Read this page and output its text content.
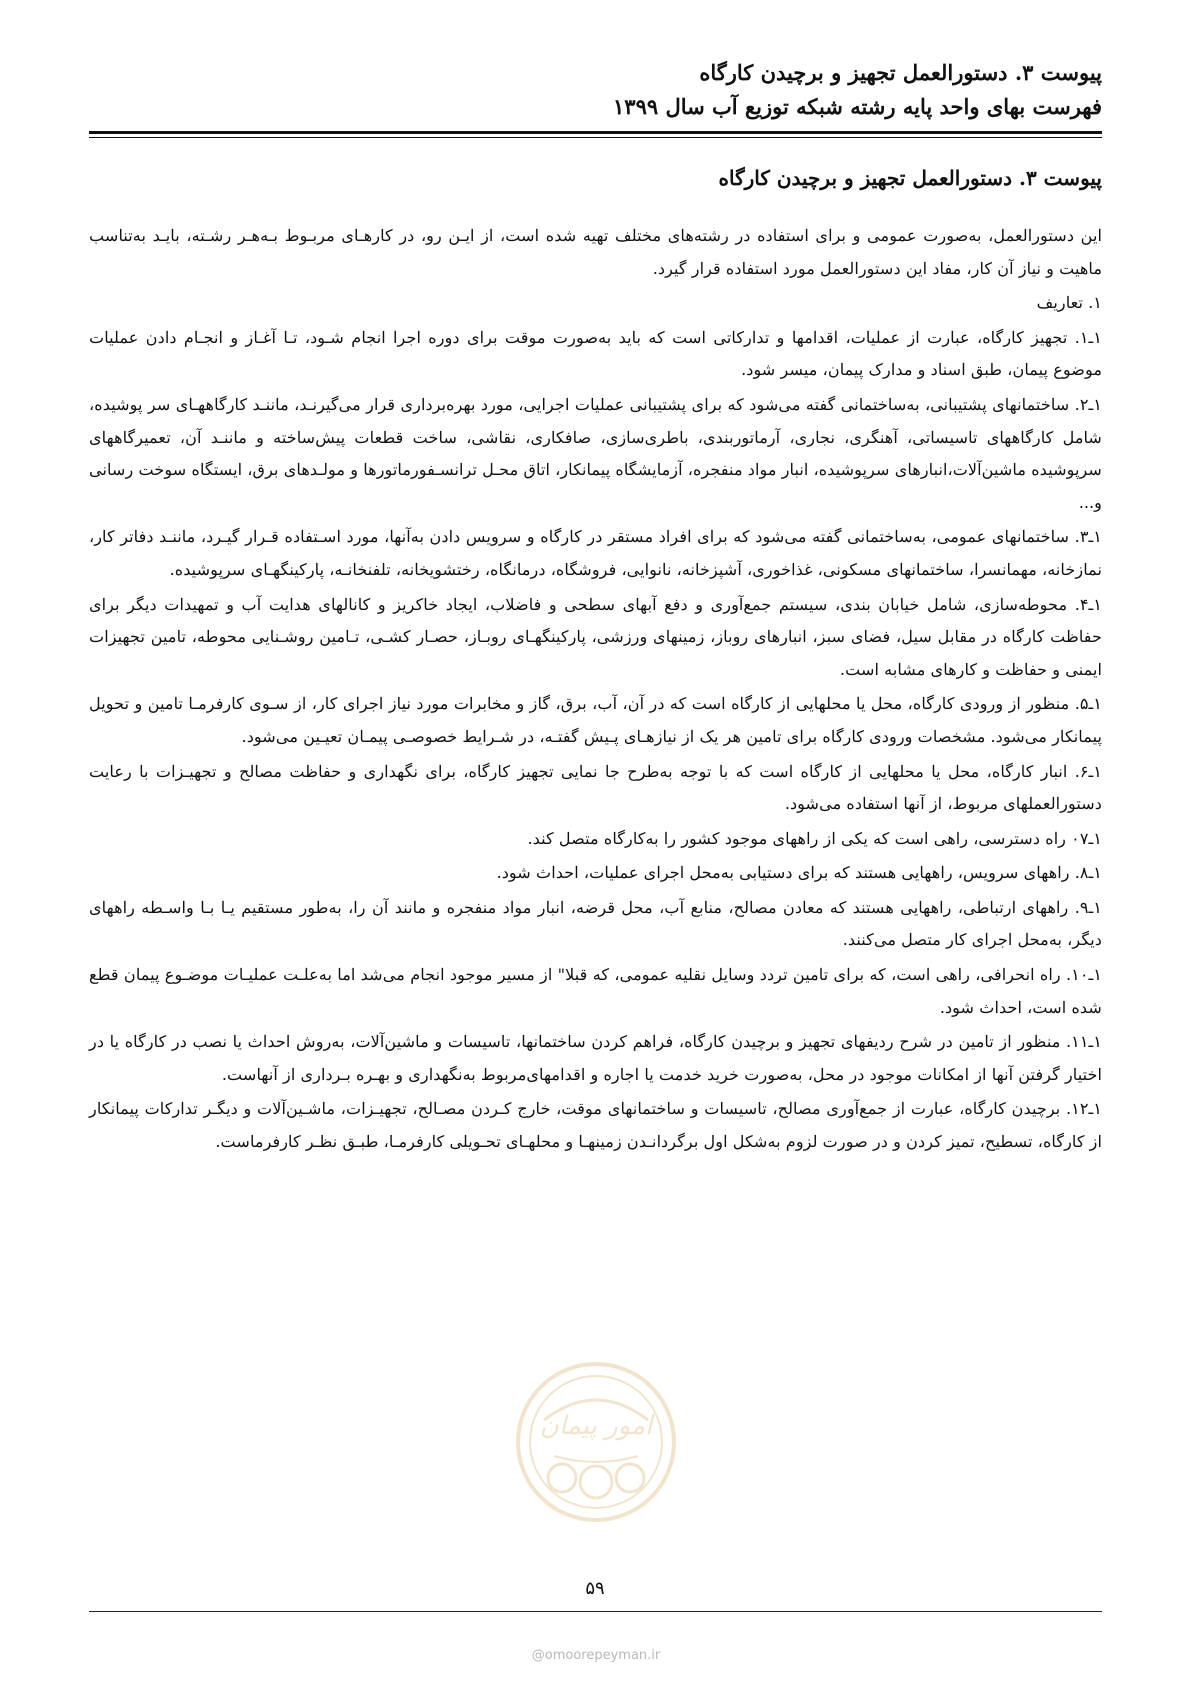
پیوست ۳. دستورالعمل تجهیز و برچیدن کارگاه
فهرست بهای واحد پایه رشته شبکه توزیع آب سال ۱۳۹۹
پیوست ۳. دستورالعمل تجهیز و برچیدن کارگاه

این دستورالعمل، به‌صورت عمومی و برای استفاده در رشته‌های مختلف تهیه شده است، از ایـن رو، در کارهـای مربـوط بـه‌هـر رشـته، بایـد به‌تناسب ماهیت و نیاز آن کار، مفاد این دستورالعمل مورد استفاده قرار گیرد.

۱. تعاریف

۱ـ۱. تجهیز کارگاه، عبارت از عملیات، اقدامها و تدارکاتی است که باید به‌صورت موقت برای دوره اجرا انجام شـود، تـا آغـاز و انجـام دادن عملیات موضوع پیمان، طبق اسناد و مدارک پیمان، میسر شود.

۱ـ۲. ساختمانهای پشتیبانی، به‌ساختمانی گفته می‌شود که برای پشتیبانی عملیات اجرایی، مورد بهره‌برداری قرار می‌گیرنـد، ماننـد کارگاههـای سر پوشیده، شامل کارگاههای تاسیساتی، آهنگری، نجاری، آرماتوربندی، باطری‌سازی، صافکاری، نقاشی، ساخت قطعات پیش‌ساخته و ماننـد آن، تعمیرگاههای سرپوشیده ماشین‌آلات،انبارهای سرپوشیده، انبار مواد منفجره، آزمایشگاه پیمانکار، اتاق محـل ترانسـفورماتورها و مولـدهای برق، ایستگاه سوخت رسانی و...

۱ـ۳. ساختمانهای عمومی، به‌ساختمانی گفته می‌شود که برای افراد مستقر در کارگاه و سرویس دادن به‌آنها، مورد اسـتفاده قـرار گیـرد، ماننـد دفاتر کار، نمازخانه، مهمانسرا، ساختمانهای مسکونی، غذاخوری، آشپزخانه، نانوایی، فروشگاه، درمانگاه، رختشویخانه، تلفنخانـه، پارکینگهـای سرپوشیده.

۱ـ۴. محوطه‌سازی، شامل خیابان بندی، سیستم جمع‌آوری و دفع آبهای سطحی و فاضلاب، ایجاد خاکریز و کانالهای هدایت آب و تمهیدات دیگر برای حفاظت کارگاه در مقابل سیل، فضای سبز، انبارهای روباز، زمینهای ورزشی، پارکینگهـای روبـاز، حصـار کشـی، تـامین روشـنایی محوطه، تامین تجهیزات ایمنی و حفاظت و کارهای مشابه است.

۱ـ۵. منظور از ورودی کارگاه، محل یا محلهایی از کارگاه است که در آن، آب، برق، گاز و مخابرات مورد نیاز اجرای کار، از سـوی کارفرمـا تامین و تحویل پیمانکار می‌شود. مشخصات ورودی کارگاه برای تامین هر یک از نیازهـای پـیش گفتـه، در شـرایط خصوصـی پیمـان تعیـین می‌شود.

۱ـ۶. انبار کارگاه، محل یا محلهایی از کارگاه است که با توجه به‌طرح جا نمایی تجهیز کارگاه، برای نگهداری و حفاظت مصالح و تجهیـزات با رعایت دستورالعملهای مربوط، از آنها استفاده می‌شود.

۱ـ۰۷ راه دسترسی، راهی است که یکی از راههای موجود کشور را به‌کارگاه متصل کند.

۱ـ۸. راههای سرویس، راههایی هستند که برای دستیابی به‌محل اجرای عملیات، احداث شود.

۱ـ۹. راههای ارتباطی، راههایی هستند که معادن مصالح، منابع آب، محل قرضه، انبار مواد منفجره و مانند آن را، به‌طور مستقیم یـا بـا واسـطه راههای دیگر، به‌محل اجرای کار متصل می‌کنند.

۱ـ۱۰. راه انحرافی، راهی است، که برای تامین تردد وسایل نقلیه عمومی، که قبلا" از مسیر موجود انجام می‌شد اما به‌علـت عملیـات موضـوع پیمان قطع شده است، احداث شود.

۱ـ۱۱. منظور از تامین در شرح ردیفهای تجهیز و برچیدن کارگاه، فراهم کردن ساختمانها، تاسیسات و ماشین‌آلات، به‌روش احداث یا نصب در کارگاه یا در اختیار گرفتن آنها از امکانات موجود در محل، به‌صورت خرید خدمت یا اجاره و اقدامهای‌مربوط به‌نگهداری و بهـره بـرداری از آنهاست.

۱ـ۱۲. برچیدن کارگاه، عبارت از جمع‌آوری مصالح، تاسیسات و ساختمانهای موقت، خارج کـردن مصـالح، تجهیـزات، ماشـین‌آلات و دیگـر تدارکات پیمانکار از کارگاه، تسطیح، تمیز کردن و در صورت لزوم به‌شکل اول برگردانـدن زمینهـا و محلهـای تحـویلی کارفرمـا، طبـق نظـر کارفرماست.

امور پیمان
۵۹
@omoorepeyman.ir
